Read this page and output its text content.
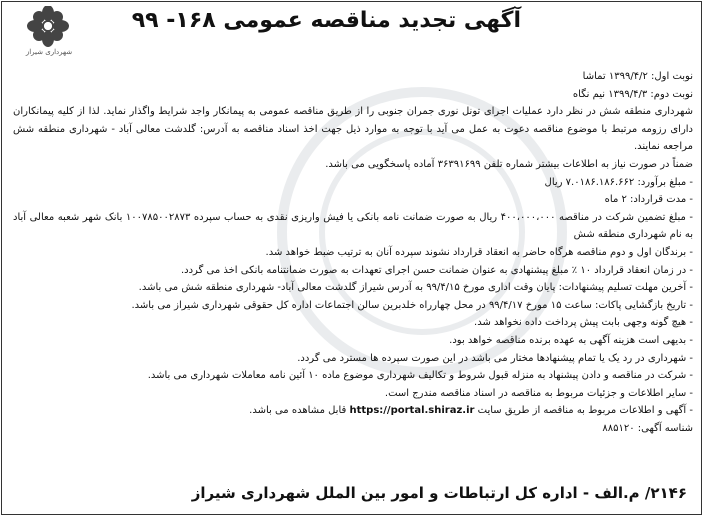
آگهی تجدید مناقصه عمومی ۱۶۸- ۹۹
شهرداری شیراز

نوبت اول: ۱۳۹۹/۴/۲ تماشا

نوبت دوم: ۱۳۹۹/۴/۳ نیم نگاه

شهرداری منطقه شش در نظر دارد عملیات اجرای تونل نوری جمران جنوبی را از طریق مناقصه عمومی به پیمانکار واجد شرایط واگذار نماید. لذا از کلیه پیمانکاران دارای رزومه مرتبط با موضوع مناقصه دعوت به عمل می آید با توجه به موارد ذیل جهت اخذ اسناد مناقصه به آدرس: گلدشت معالی آباد - شهرداری منطقه شش مراجعه نمایند.

ضمناً در صورت نیاز به اطلاعات بیشتر شماره تلفن ۳۶۳۹۱۶۹۹ آماده پاسخگویی می باشد.

- مبلغ برآورد: ۷.۰۱۸۶.۱۸۶.۶۶۲ ریال

- مدت قرارداد: ۲ ماه

- مبلغ تضمین شرکت در مناقصه ۴۰۰،۰۰۰،۰۰۰ ریال به صورت ضمانت نامه بانکی یا فیش واریزی نقدی به حساب سپرده ۱۰۰۷۸۵۰۰۲۸۷۳ بانک شهر شعبه معالی آباد به نام شهرداری منطقه شش

- برندگان اول و دوم مناقصه هرگاه حاضر به انعقاد قرارداد نشوند سپرده آنان به ترتیب ضبط خواهد شد.

- در زمان انعقاد قرارداد ۱۰ ٪ مبلغ پیشنهادی به عنوان ضمانت حسن اجرای تعهدات به صورت ضمانتنامه بانکی اخذ می گردد.

- آخرین مهلت تسلیم پیشنهادات: پایان وقت اداری مورخ ۹۹/۴/۱۵ به آدرس شیراز گلدشت معالی آباد- شهرداری منطقه شش می باشد.

- تاریخ بازگشایی پاکات: ساعت ۱۵ مورخ ۹۹/۴/۱۷ در محل چهارراه خلدبرین سالن اجتماعات اداره کل حقوقی شهرداری شیراز می باشد.

- هیچ گونه وجهی بابت پیش پرداخت داده نخواهد شد.

- بدیهی است هزینه آگهی به عهده برنده مناقصه خواهد بود.

- شهرداری در رد یک یا تمام پیشنهادها مختار می باشد در این صورت سپرده ها مسترد می گردد.

- شرکت در مناقصه و دادن پیشنهاد به منزله قبول شروط و تکالیف شهرداری موضوع ماده ۱۰ آئین نامه معاملات شهرداری می باشد.

- سایر اطلاعات و جزئیات مربوط به مناقصه در اسناد مناقصه مندرج است.

- آگهی و اطلاعات مربوط به مناقصه از طریق سایت https://portal.shiraz.ir قابل مشاهده می باشد.

شناسه آگهی: ۸۸۵۱۲۰

۲۱۴۶/ م.الف - اداره کل ارتباطات و امور بین الملل شهرداری شیراز
